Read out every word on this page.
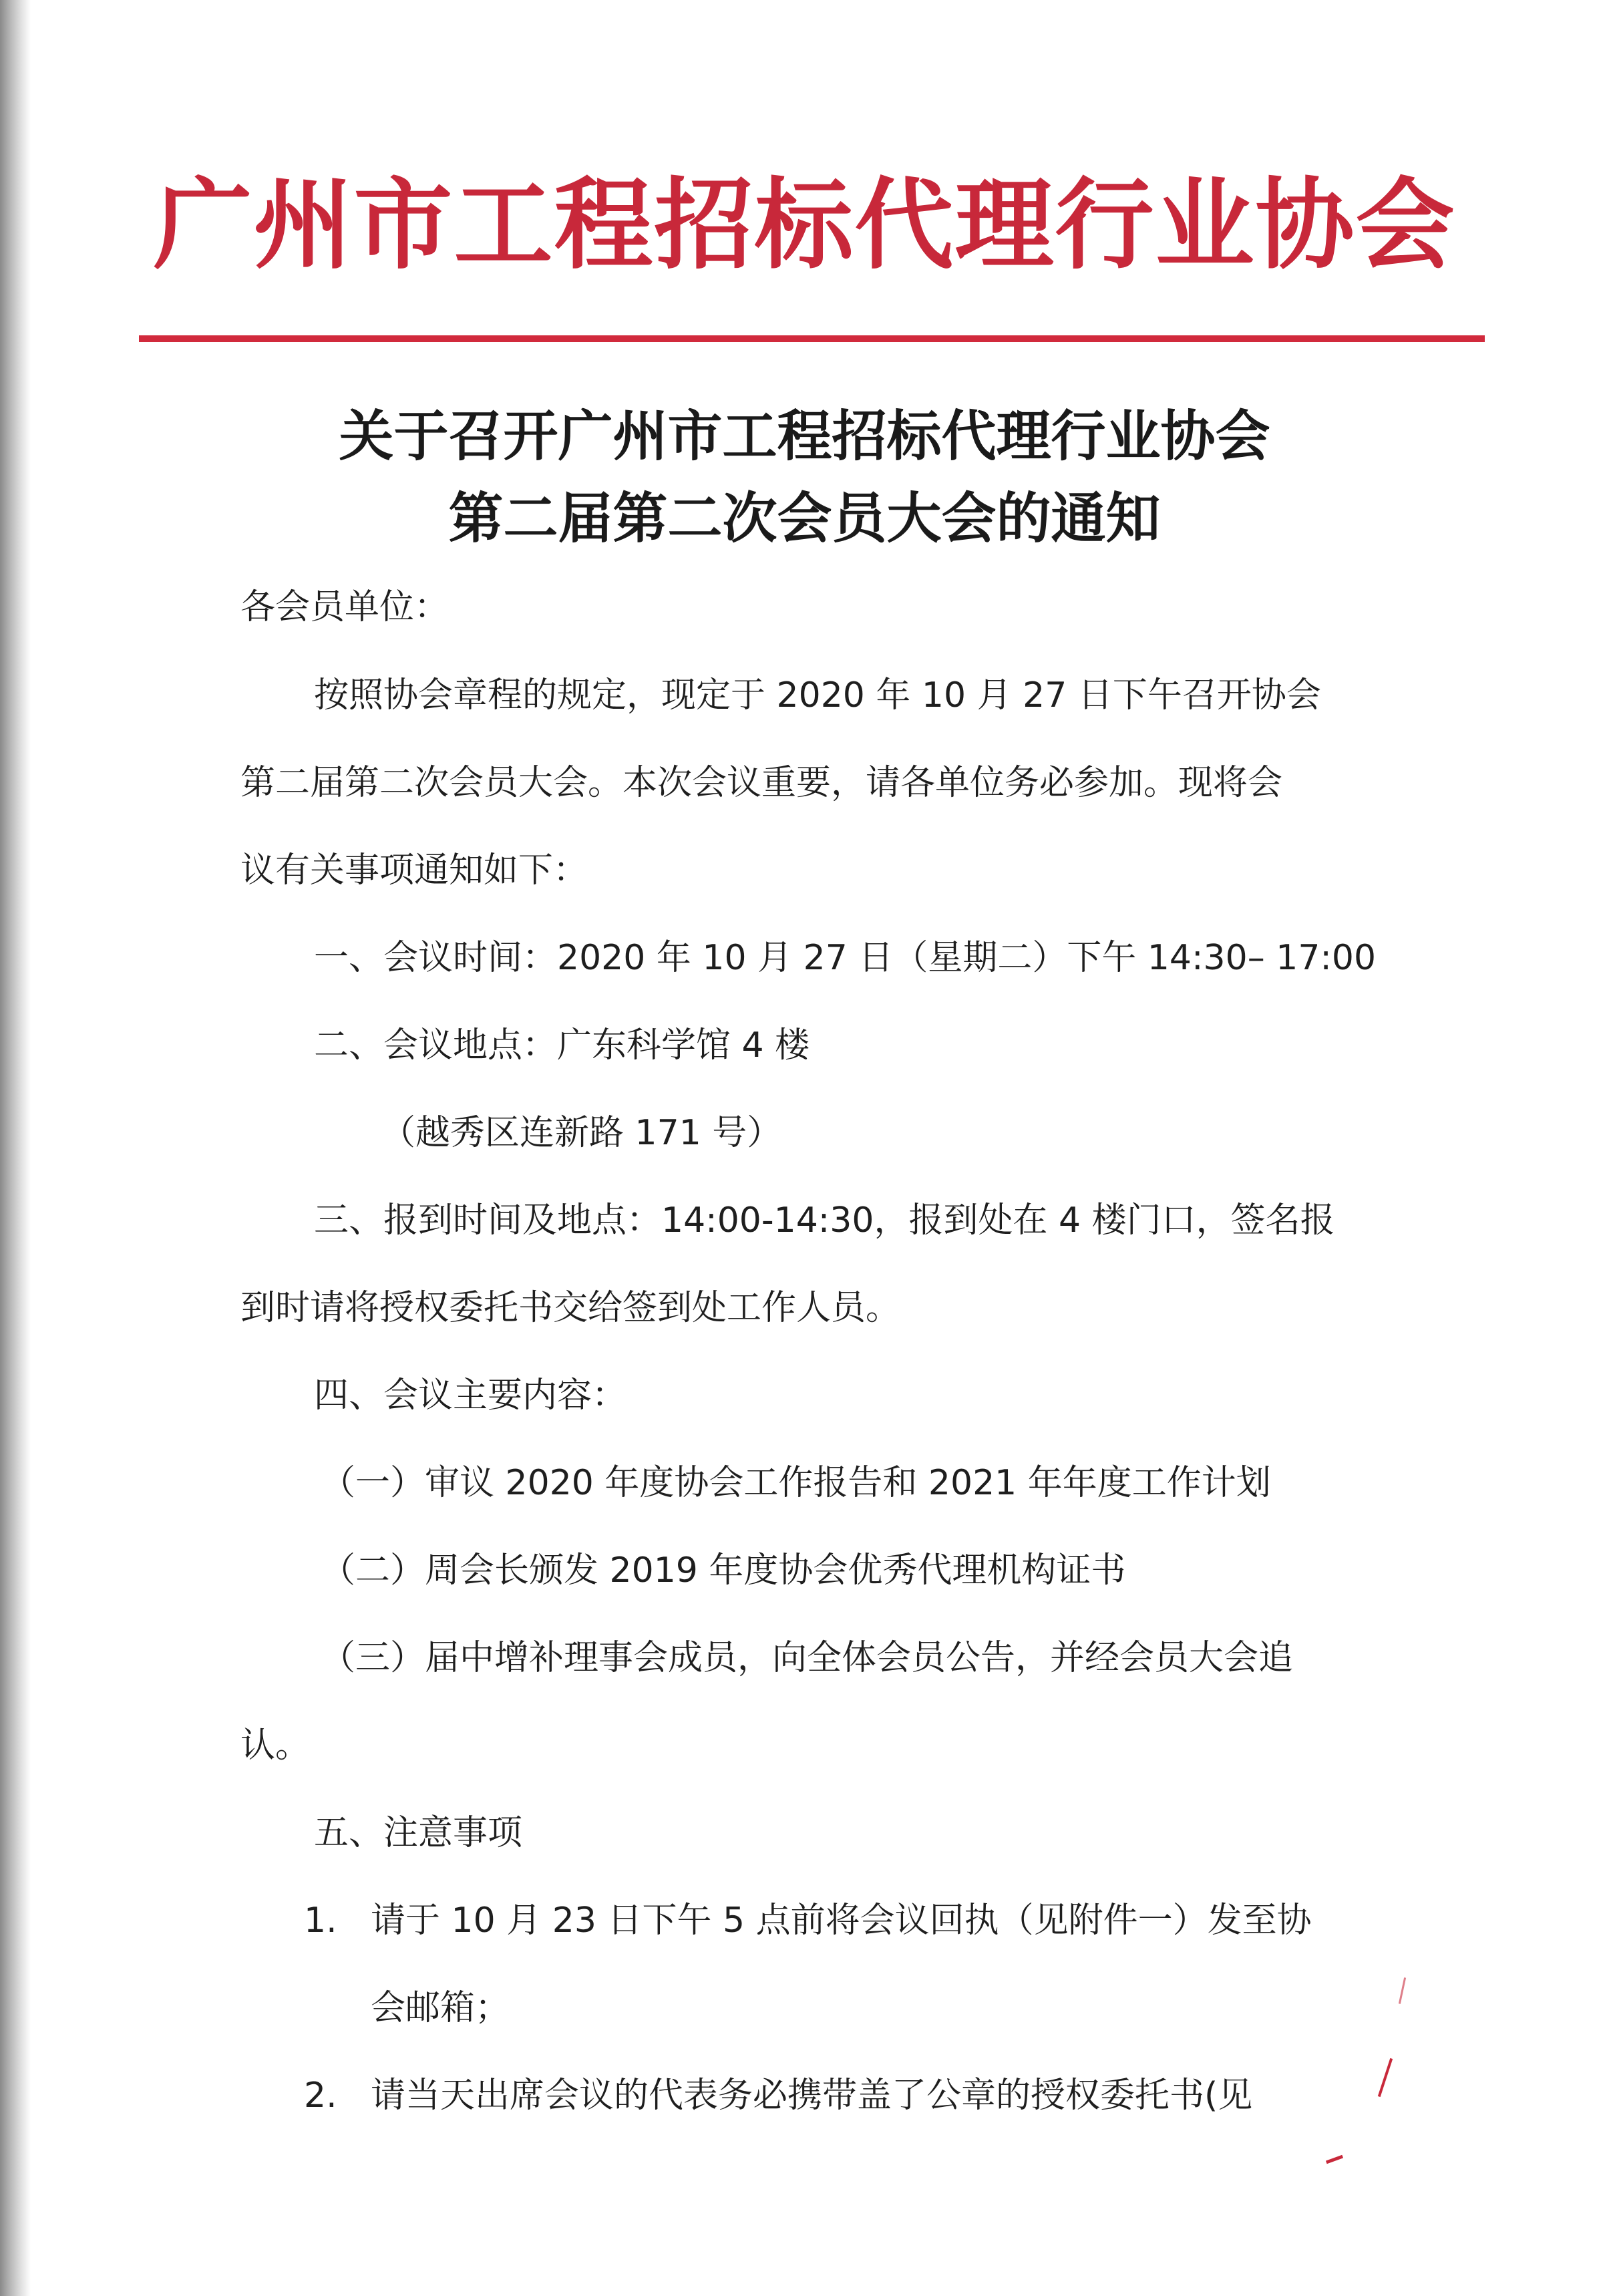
广州市工程招标代理行业协会
关于召开广州市工程招标代理行业协会
第二届第二次会员大会的通知
各会员单位：
按照协会章程的规定，现定于 2020 年 10 月 27 日下午召开协会
第二届第二次会员大会。本次会议重要，请各单位务必参加。现将会
议有关事项通知如下：
一、会议时间：2020 年 10 月 27 日（星期二）下午 14:30– 17:00
二、会议地点：广东科学馆 4 楼
（越秀区连新路 171 号）
三、报到时间及地点：14:00-14:30，报到处在 4 楼门口，签名报
到时请将授权委托书交给签到处工作人员。
四、会议主要内容：
（一）审议 2020 年度协会工作报告和 2021 年年度工作计划
（二）周会长颁发 2019 年度协会优秀代理机构证书
（三）届中增补理事会成员，向全体会员公告，并经会员大会追
认。
五、注意事项
1. 请于 10 月 23 日下午 5 点前将会议回执（见附件一）发至协
会邮箱；
2. 请当天出席会议的代表务必携带盖了公章的授权委托书(见
